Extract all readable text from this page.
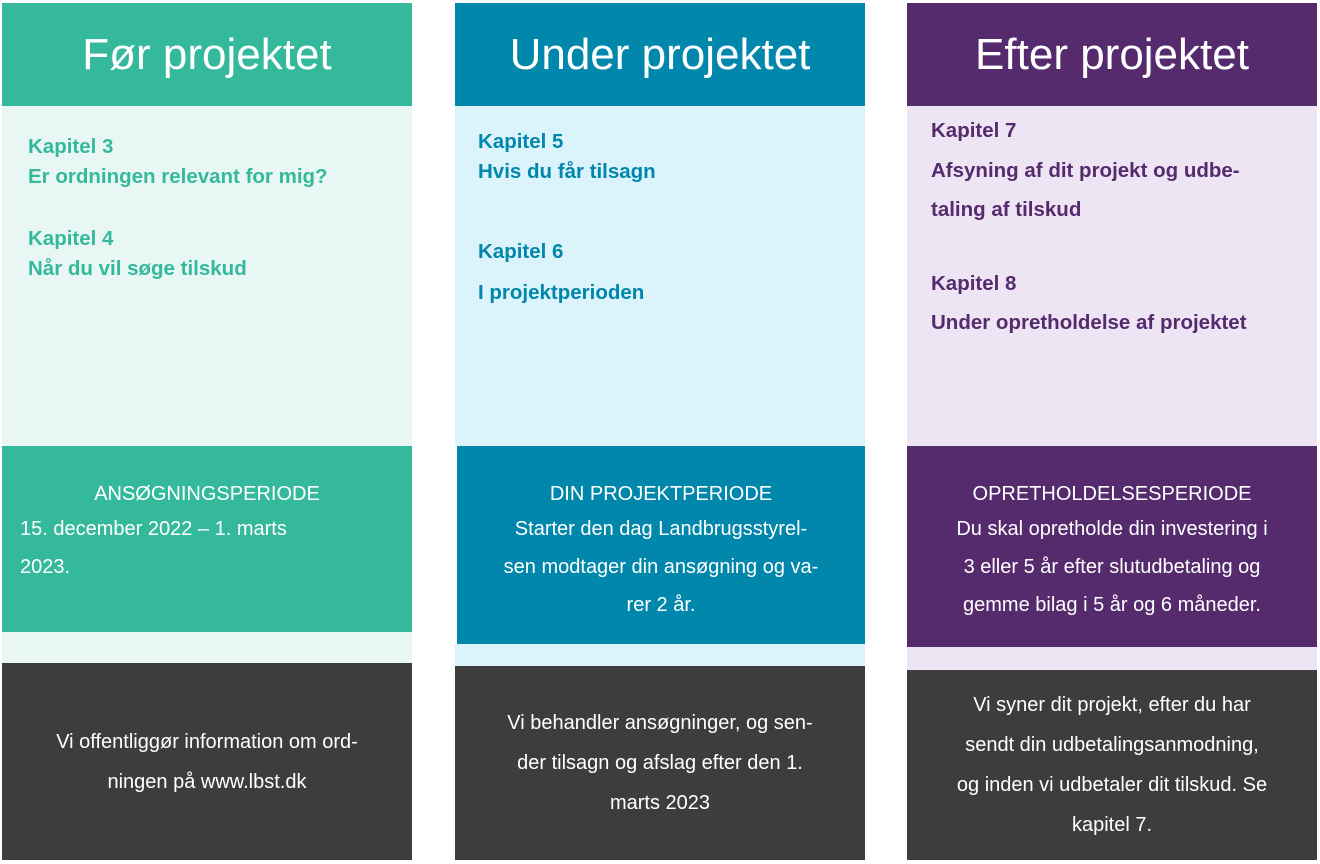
Før projektet

Kapitel 3

Er ordningen relevant for mig?

Kapitel 4

Når du vil søge tilskud

ANSØGNINGSPERIODE
15. december 2022 – 1. marts
2023.
Vi offentliggør information om ord-
ningen på www.lbst.dk
Under projektet

Kapitel 5

Hvis du får tilsagn

Kapitel 6

I projektperioden

DIN PROJEKTPERIODE
Starter den dag Landbrugsstyrel-
sen modtager din ansøgning og va-
rer 2 år.
Vi behandler ansøgninger, og sen-
der tilsagn og afslag efter den 1.
marts 2023
Efter projektet

Kapitel 7

Afsyning af dit projekt og udbe-

taling af tilskud

Kapitel 8

Under opretholdelse af projektet

OPRETHOLDELSESPERIODE
Du skal opretholde din investering i
3 eller 5 år efter slutudbetaling og
gemme bilag i 5 år og 6 måneder.
Vi syner dit projekt, efter du har
sendt din udbetalingsanmodning,
og inden vi udbetaler dit tilskud. Se
kapitel 7.
